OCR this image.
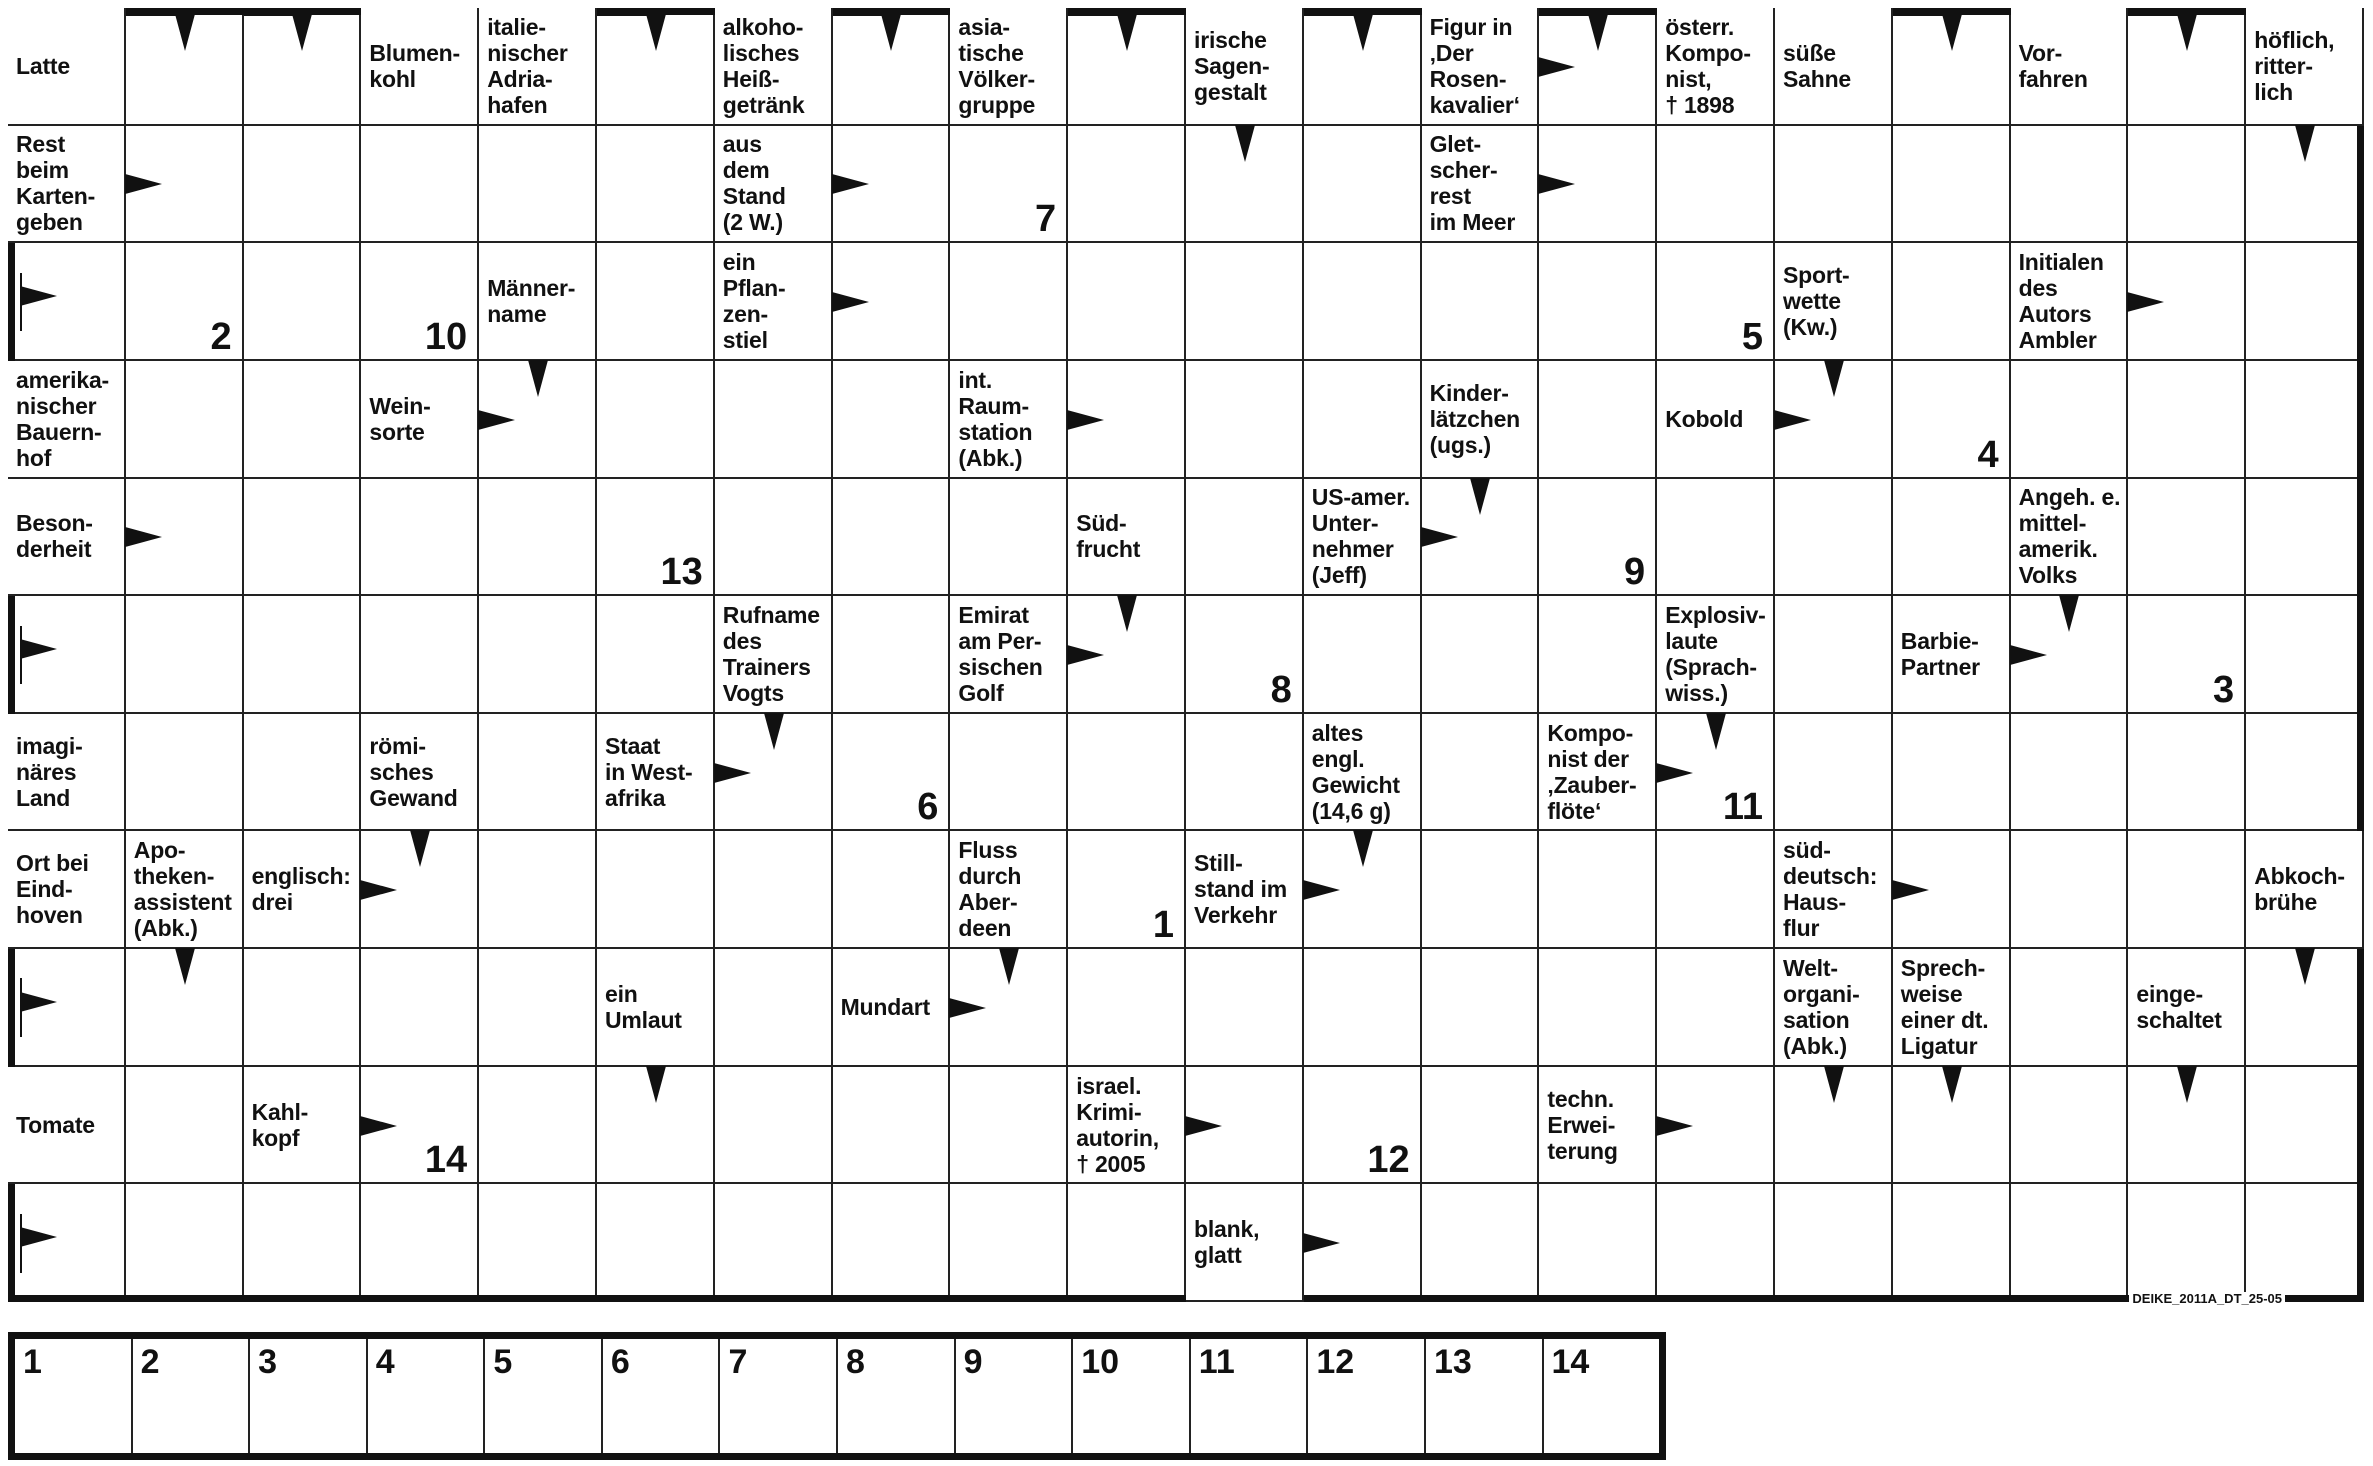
Latte	Blumen-
kohl
italie-
nischer
Adria-
hafen
alkoho-
lisches
Heiß-
getränk
asia-
tische
Völker-
gruppe
irische
Sagen-
gestalt
Figur in
‚Der
Rosen-
kavalier‘
österr.
Kompo-
nist,
† 1898
süße
Sahne
Vor-
fahren
höflich,
ritter-
lich
Rest
beim
Karten-
geben
aus
dem
Stand
(2 W.)	7
Glet-
scher-
rest
im Meer
2	10
Männer-
name
ein
Pflan-
zen-
stiel	5
Sport-
wette
(Kw.)
Initialen
des
Autors
Ambler
amerika-
nischer
Bauern-
hof
Wein-
sorte
int.
Raum-
station
(Abk.)
Kinder-
lätzchen
(ugs.)
Kobold
4
Beson-
derheit
13
Süd-
frucht
US-amer.
Unter-
nehmer
(Jeff)	9
Angeh. e.
mittel-
amerik.
Volks
Rufname
des
Trainers
Vogts
Emirat
am Per-
sischen
Golf	8
Explosiv-
laute
(Sprach-
wiss.)
Barbie-
Partner
3
imagi-
näres
Land
römi-
sches
Gewand
Staat
in West-
afrika	6
altes
engl.
Gewicht
(14,6 g)
Kompo-
nist der
‚Zauber-
flöte‘	11
Ort bei
Eind-
hoven
Apo-
theken-
assistent
(Abk.)
englisch:
drei
Fluss
durch
Aber-
deen	1
Still-
stand im
Verkehr
süd-
deutsch:
Haus-
flur
Abkoch-
brühe
ein
Umlaut	Mundart
Welt-
organi-
sation
(Abk.)
Sprech-
weise
einer dt.
Ligatur
einge-
schaltet
Tomate	Kahl-
kopf
14
israel.
Krimi-
autorin,
† 2005	12
techn.
Erwei-
terung
blank,
glatt
DEIKE_2011A_DT_25-05
1	2	3	4	5	6	7	8	9	10 11 12 13 14
